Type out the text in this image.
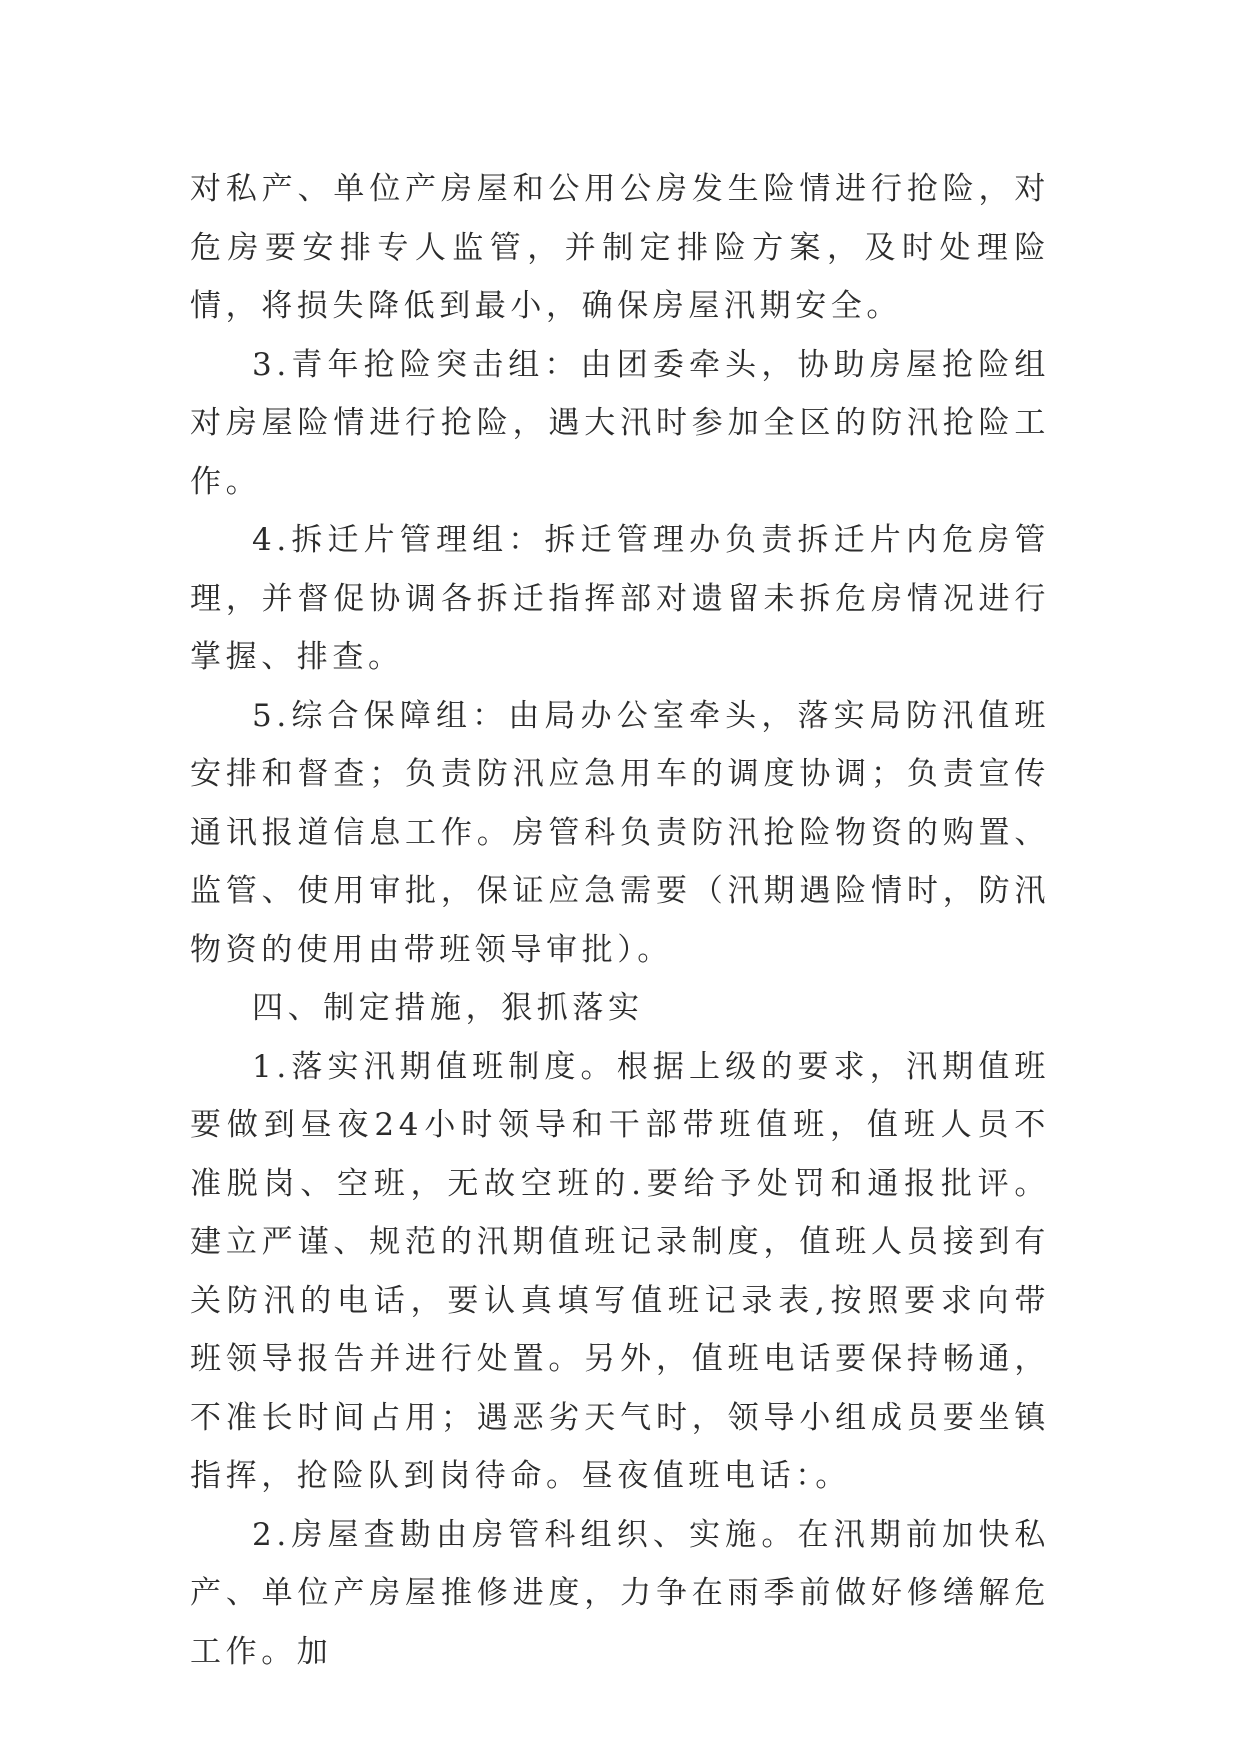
对私产、单位产房屋和公用公房发生险情进行抢险，对危房要安排专人监管，并制定排险方案，及时处理险情，将损失降低到最小，确保房屋汛期安全。

3.青年抢险突击组：由团委牵头，协助房屋抢险组对房屋险情进行抢险，遇大汛时参加全区的防汛抢险工作。

4.拆迁片管理组：拆迁管理办负责拆迁片内危房管理，并督促协调各拆迁指挥部对遗留未拆危房情况进行掌握、排查。

5.综合保障组：由局办公室牵头，落实局防汛值班安排和督查；负责防汛应急用车的调度协调；负责宣传通讯报道信息工作。房管科负责防汛抢险物资的购置、监管、使用审批，保证应急需要（汛期遇险情时，防汛物资的使用由带班领导审批）。

四、制定措施，狠抓落实

1.落实汛期值班制度。根据上级的要求，汛期值班要做到昼夜24小时领导和干部带班值班，值班人员不准脱岗、空班，无故空班的.要给予处罚和通报批评。建立严谨、规范的汛期值班记录制度，值班人员接到有关防汛的电话，要认真填写值班记录表,按照要求向带班领导报告并进行处置。另外，值班电话要保持畅通，不准长时间占用；遇恶劣天气时，领导小组成员要坐镇指挥，抢险队到岗待命。昼夜值班电话：。

2.房屋查勘由房管科组织、实施。在汛期前加快私产、单位产房屋推修进度，力争在雨季前做好修缮解危工作。加
